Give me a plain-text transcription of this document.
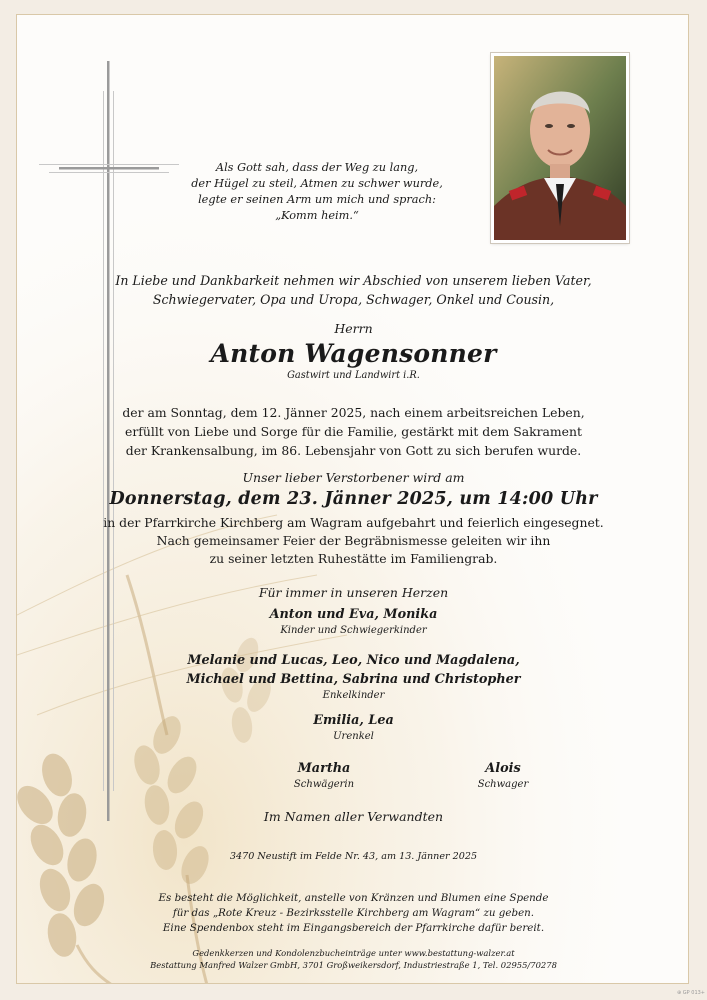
Als Gott sah, dass der Weg zu lang,
der Hügel zu steil, Atmen zu schwer wurde,
legte er seinen Arm um mich und sprach:
„Komm heim.“
In Liebe und Dankbarkeit nehmen wir Abschied von unserem lieben Vater,
Schwiegervater, Opa und Uropa, Schwager, Onkel und Cousin,
Herrn
Anton Wagensonner
Gastwirt und Landwirt i.R.
der am Sonntag, dem 12. Jänner 2025, nach einem arbeitsreichen Leben,
erfüllt von Liebe und Sorge für die Familie, gestärkt mit dem Sakrament
der Krankensalbung, im 86. Lebensjahr von Gott zu sich berufen wurde.
Unser lieber Verstorbener wird am
Donnerstag, dem 23. Jänner 2025, um 14:00 Uhr
in der Pfarrkirche Kirchberg am Wagram aufgebahrt und feierlich eingesegnet.
Nach gemeinsamer Feier der Begräbnismesse geleiten wir ihn
zu seiner letzten Ruhestätte im Familiengrab.
Für immer in unseren Herzen
Anton und Eva, Monika
Kinder und Schwiegerkinder
Melanie und Lucas, Leo, Nico und Magdalena,
Michael und Bettina, Sabrina und Christopher
Enkelkinder
Emilia, Lea
Urenkel
Martha
Schwägerin
Alois
Schwager
Im Namen aller Verwandten
3470 Neustift im Felde Nr. 43, am 13. Jänner 2025
Es besteht die Möglichkeit, anstelle von Kränzen und Blumen eine Spende
für das „Rote Kreuz - Bezirksstelle Kirchberg am Wagram“ zu geben.
Eine Spendenbox steht im Eingangsbereich der Pfarrkirche dafür bereit.
Gedenkkerzen und Kondolenzbucheinträge unter www.bestattung-walzer.at
Bestattung Manfred Walzer GmbH, 3701 Großweikersdorf, Industriestraße 1, Tel. 02955/70278
⊕ GP 013+
